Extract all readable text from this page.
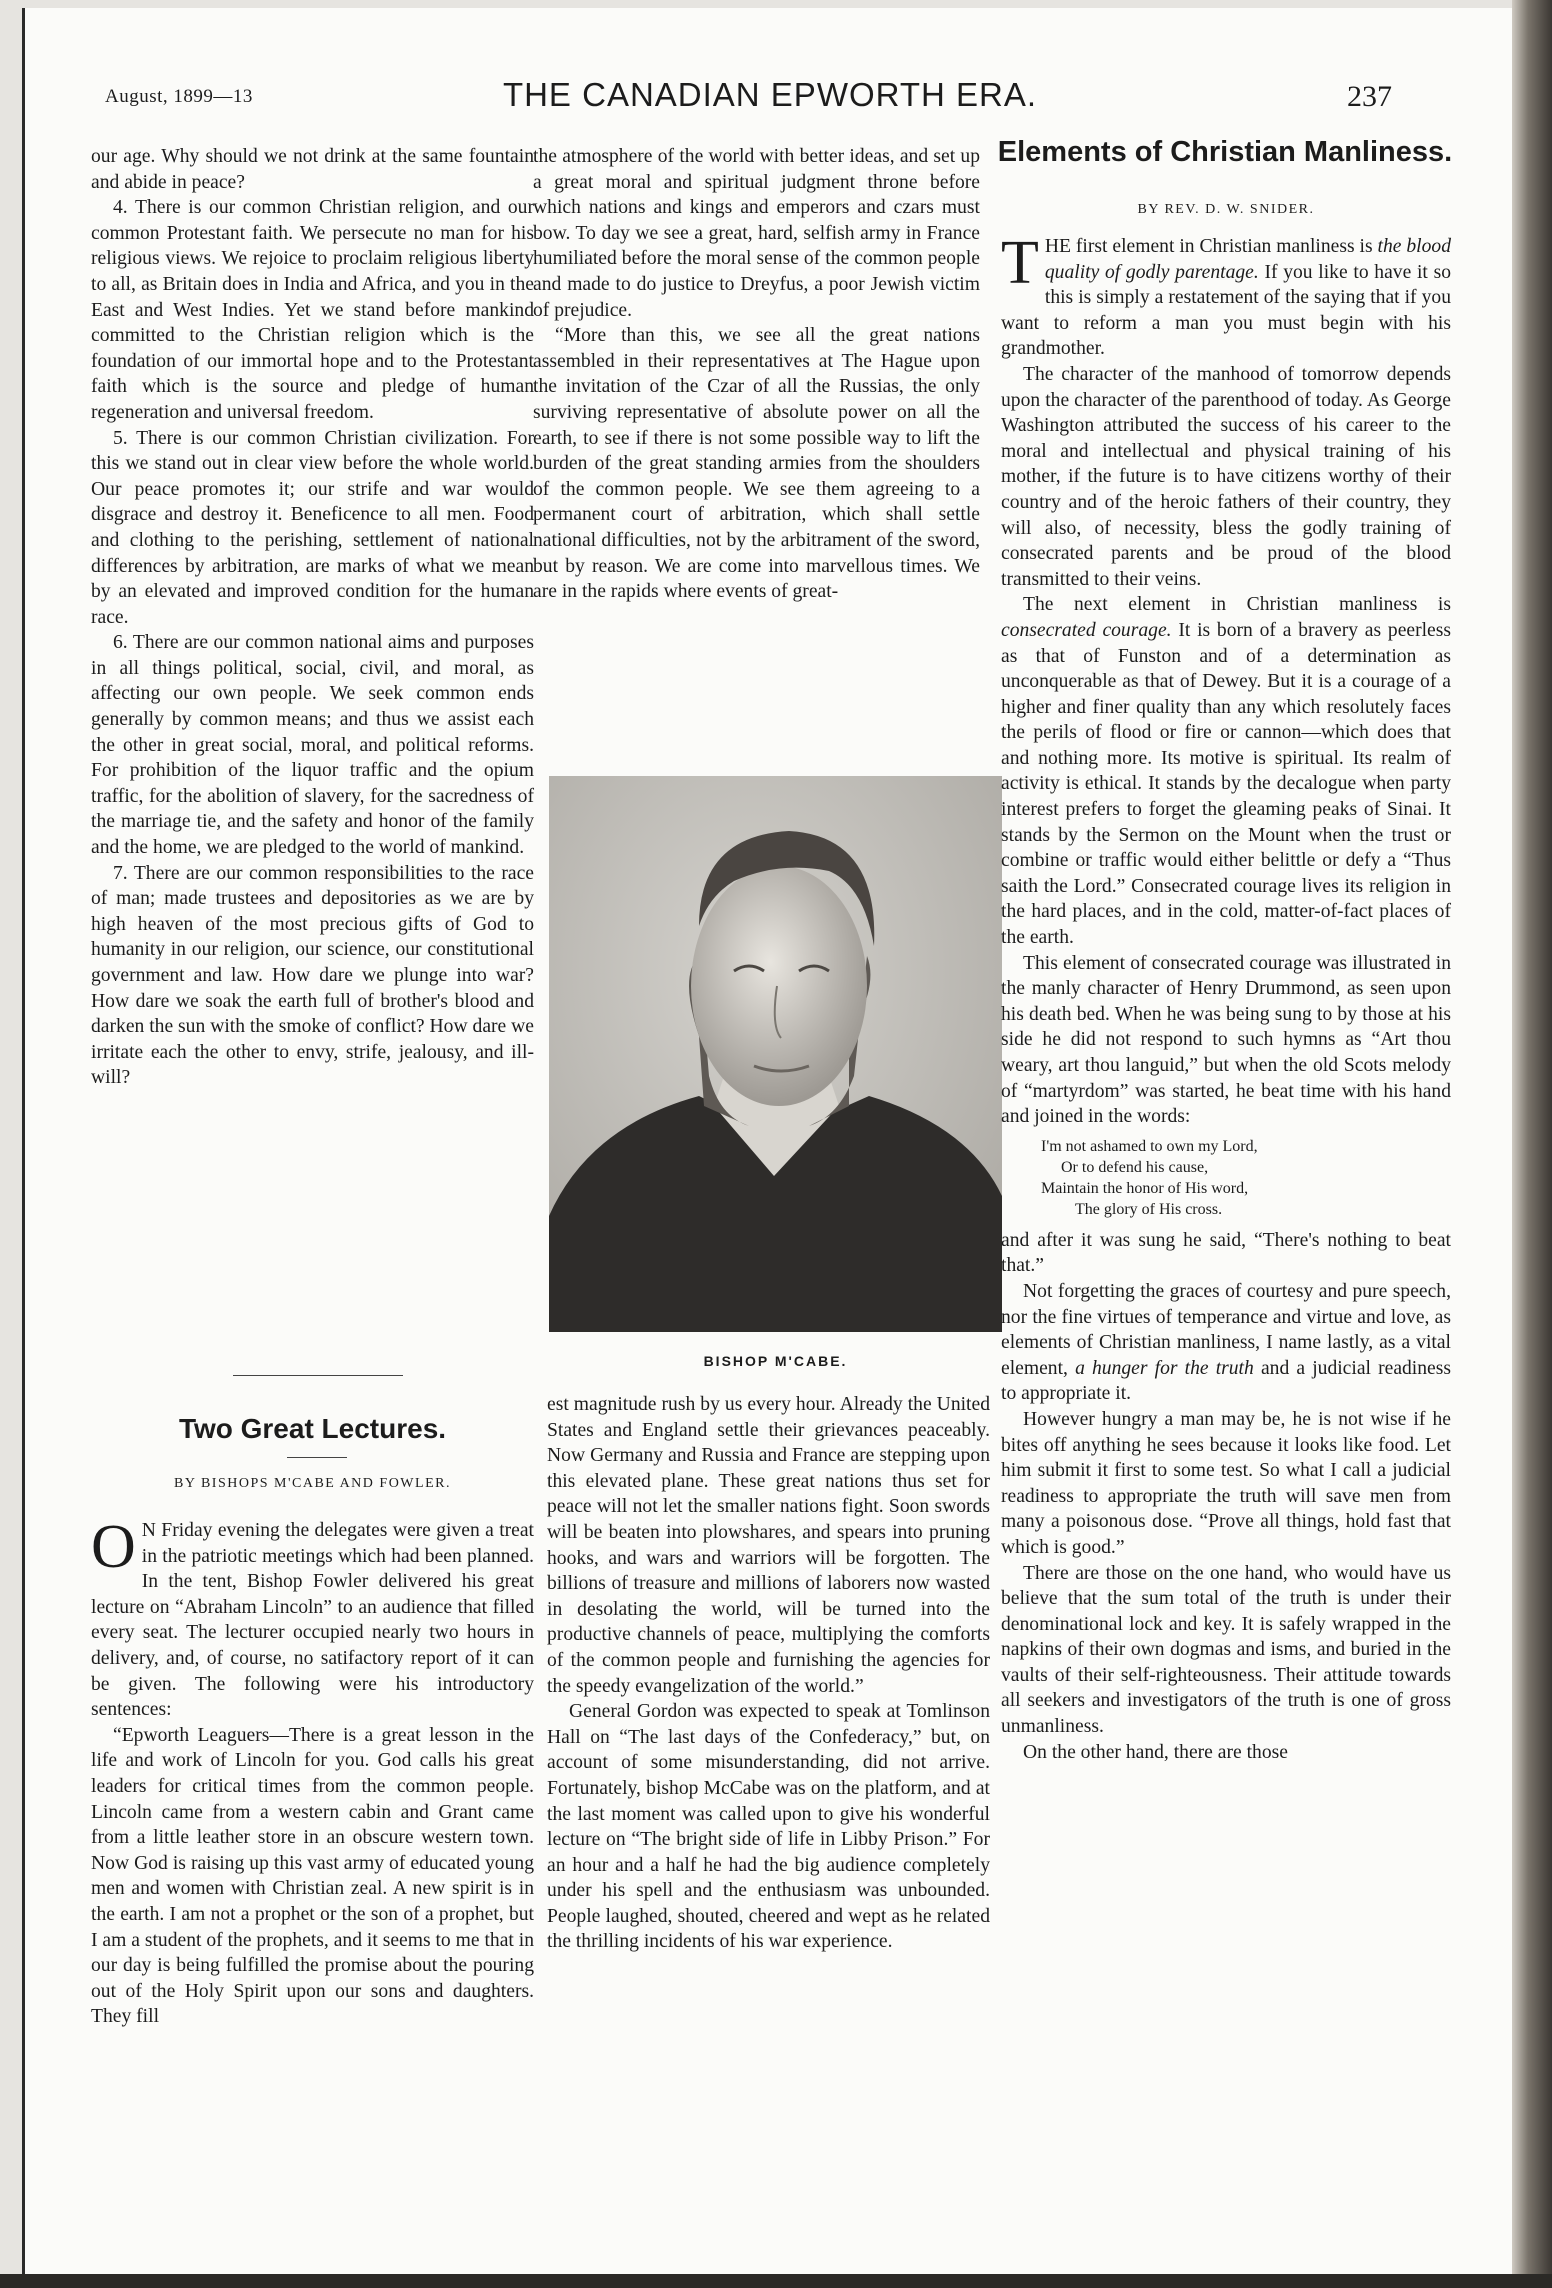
August, 1899—13	THE CANADIAN EPWORTH ERA.	237

our age. Why should we not drink at the same fountain and abide in peace?

4. There is our common Christian religion, and our common Protestant faith. We persecute no man for his religious views. We rejoice to proclaim religious liberty to all, as Britain does in India and Africa, and you in the East and West Indies. Yet we stand before mankind committed to the Christian religion which is the foundation of our immortal hope and to the Protestant faith which is the source and pledge of human regeneration and universal freedom.

5. There is our common Christian civilization. For this we stand out in clear view before the whole world. Our peace promotes it; our strife and war would disgrace and destroy it. Beneficence to all men. Food and clothing to the perishing, settlement of national differences by arbitration, are marks of what we mean by an elevated and improved condition for the human race.

6. There are our common national aims and purposes in all things political, social, civil, and moral, as affecting our own people. We seek common ends generally by common means; and thus we assist each the other in great social, moral, and political reforms. For prohibition of the liquor traffic and the opium traffic, for the abolition of slavery, for the sacredness of the marriage tie, and the safety and honor of the family and the home, we are pledged to the world of mankind.

7. There are our common responsibilities to the race of man; made trustees and depositories as we are by high heaven of the most precious gifts of God to humanity in our religion, our science, our constitutional government and law. How dare we plunge into war? How dare we soak the earth full of brother's blood and darken the sun with the smoke of conflict? How dare we irritate each the other to envy, strife, jealousy, and ill-will?

the atmosphere of the world with better ideas, and set up a great moral and spiritual judgment throne before which nations and kings and emperors and czars must bow. To day we see a great, hard, selfish army in France humiliated before the moral sense of the common people and made to do justice to Dreyfus, a poor Jewish victim of prejudice.

“More than this, we see all the great nations assembled in their representatives at The Hague upon the invitation of the Czar of all the Russias, the only surviving representative of absolute power on all the earth, to see if there is not some possible way to lift the burden of the great standing armies from the shoulders of the common people. We see them agreeing to a permanent court of arbitration, which shall settle national difficulties, not by the arbitrament of the sword, but by reason. We are come into marvellous times. We are in the rapids where events of great-

BISHOP M'CABE.

est magnitude rush by us every hour. Already the United States and England settle their grievances peaceably. Now Germany and Russia and France are stepping upon this elevated plane. These great nations thus set for peace will not let the smaller nations fight. Soon swords will be beaten into plowshares, and spears into pruning hooks, and wars and warriors will be forgotten. The billions of treasure and millions of laborers now wasted in desolating the world, will be turned into the productive channels of peace, multiplying the comforts of the common people and furnishing the agencies for the speedy evangelization of the world.”

General Gordon was expected to speak at Tomlinson Hall on “The last days of the Confederacy,” but, on account of some misunderstanding, did not arrive. Fortunately, bishop McCabe was on the platform, and at the last moment was called upon to give his wonderful lecture on “The bright side of life in Libby Prison.” For an hour and a half he had the big audience completely under his spell and the enthusiasm was unbounded. People laughed, shouted, cheered and wept as he related the thrilling incidents of his war experience.

Two Great Lectures.
BY BISHOPS M'CABE AND FOWLER.

O N Friday evening the delegates were given a treat in the patriotic meetings which had been planned. In the tent, Bishop Fowler delivered his great lecture on “Abraham Lincoln” to an audience that filled every seat. The lecturer occupied nearly two hours in delivery, and, of course, no satifactory report of it can be given. The following were his introductory sentences:

“Epworth Leaguers—There is a great lesson in the life and work of Lincoln for you. God calls his great leaders for critical times from the common people. Lincoln came from a western cabin and Grant came from a little leather store in an obscure western town. Now God is raising up this vast army of educated young men and women with Christian zeal. A new spirit is in the earth. I am not a prophet or the son of a prophet, but I am a student of the prophets, and it seems to me that in our day is being fulfilled the promise about the pouring out of the Holy Spirit upon our sons and daughters. They fill

Elements of Christian Manliness.
BY REV. D. W. SNIDER.

THE first element in Christian manliness is the blood quality of godly parentage. If you like to have it so this is simply a restatement of the saying that if you want to reform a man you must begin with his grandmother.

The character of the manhood of tomorrow depends upon the character of the parenthood of today. As George Washington attributed the success of his career to the moral and intellectual and physical training of his mother, if the future is to have citizens worthy of their country and of the heroic fathers of their country, they will also, of necessity, bless the godly training of consecrated parents and be proud of the blood transmitted to their veins.

The next element in Christian manliness is consecrated courage. It is born of a bravery as peerless as that of Funston and of a determination as unconquerable as that of Dewey. But it is a courage of a higher and finer quality than any which resolutely faces the perils of flood or fire or cannon—which does that and nothing more. Its motive is spiritual. Its realm of activity is ethical. It stands by the decalogue when party interest prefers to forget the gleaming peaks of Sinai. It stands by the Sermon on the Mount when the trust or combine or traffic would either belittle or defy a “Thus saith the Lord.” Consecrated courage lives its religion in the hard places, and in the cold, matter-of-fact places of the earth.

This element of consecrated courage was illustrated in the manly character of Henry Drummond, as seen upon his death bed. When he was being sung to by those at his side he did not respond to such hymns as “Art thou weary, art thou languid,” but when the old Scots melody of “martyrdom” was started, he beat time with his hand and joined in the words:

I'm not ashamed to own my Lord,
Or to defend his cause,
Maintain the honor of His word,
The glory of His cross.

and after it was sung he said, “There's nothing to beat that.”

Not forgetting the graces of courtesy and pure speech, nor the fine virtues of temperance and virtue and love, as elements of Christian manliness, I name lastly, as a vital element, a hunger for the truth and a judicial readiness to appropriate it.

However hungry a man may be, he is not wise if he bites off anything he sees because it looks like food. Let him submit it first to some test. So what I call a judicial readiness to appropriate the truth will save men from many a poisonous dose. “Prove all things, hold fast that which is good.”

There are those on the one hand, who would have us believe that the sum total of the truth is under their denominational lock and key. It is safely wrapped in the napkins of their own dogmas and isms, and buried in the vaults of their self-righteousness. Their attitude towards all seekers and investigators of the truth is one of gross unmanliness.

On the other hand, there are those
